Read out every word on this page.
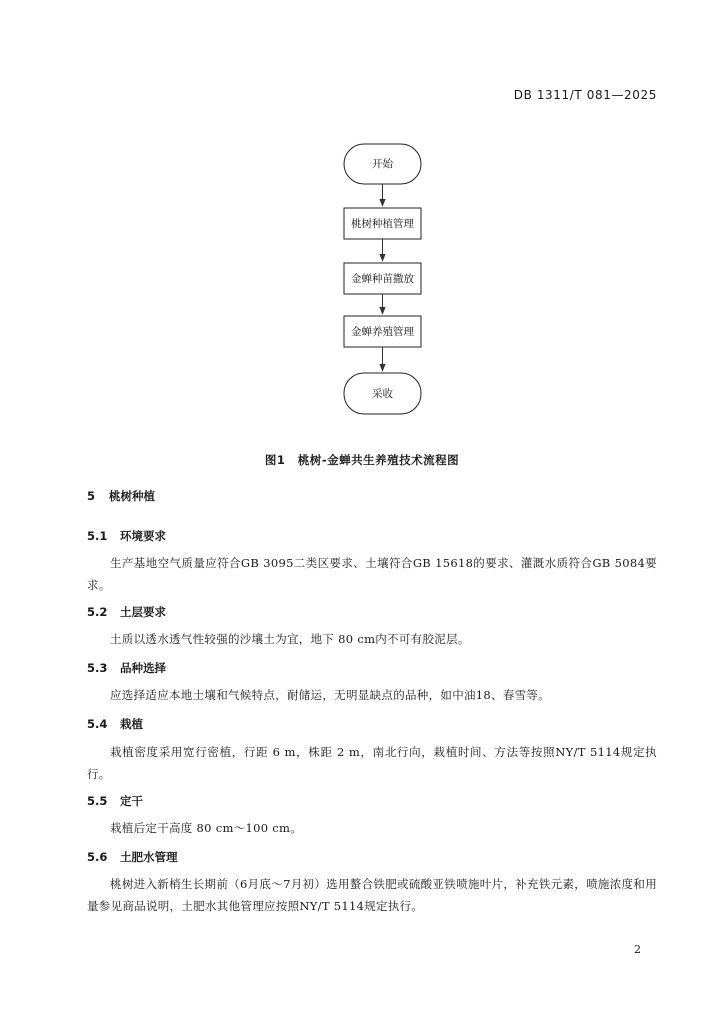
DB 1311/T 081—2025
开始
桃树种植管理
金蝉种苗撒放
金蝉养殖管理
采收
图1 桃树-金蝉共生养殖技术流程图
5 桃树种植
5.1 环境要求
生产基地空气质量应符合GB 3095二类区要求、土壤符合GB 15618的要求、灌溉水质符合GB 5084要求。
5.2 土层要求
土质以透水透气性较强的沙壤土为宜，地下 80 cm内不可有胶泥层。
5.3 品种选择
应选择适应本地土壤和气候特点，耐储运，无明显缺点的品种，如中油18、春雪等。
5.4 栽植
栽植密度采用宽行密植，行距 6 m，株距 2 m，南北行向，栽植时间、方法等按照NY/T 5114规定执行。
5.5 定干
栽植后定干高度 80 cm～100 cm。
5.6 土肥水管理
桃树进入新梢生长期前（6月底～7月初）选用螯合铁肥或硫酸亚铁喷施叶片，补充铁元素，喷施浓度和用量参见商品说明，土肥水其他管理应按照NY/T 5114规定执行。
2
